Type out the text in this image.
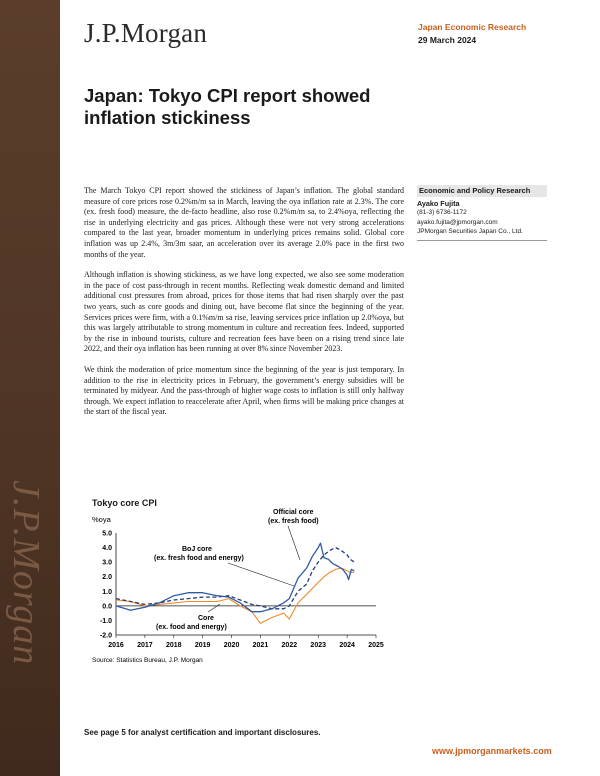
J.P.Morgan
J.P.Morgan	Japan Economic Research
29 March 2024
Japan: Tokyo CPI report showed inflation stickiness
Economic and Policy Research
Ayako Fujita
(81-3) 6736-1172
ayako.fujita@jpmorgan.com
JPMorgan Securities Japan Co., Ltd.

The March Tokyo CPI report showed the stickiness of Japan’s inflation. The global standard measure of core prices rose 0.2%m/m sa in March, leaving the oya inflation rate at 2.3%. The core (ex. fresh food) measure, the de-facto headline, also rose 0.2%m/m sa, to 2.4%oya, reflecting the rise in underlying electricity and gas prices. Although these were not very strong accelerations compared to the last year, broader momentum in underlying prices remains solid. Global core inflation was up 2.4%, 3m/3m saar, an acceleration over its average 2.0% pace in the first two months of the year.

Although inflation is showing stickiness, as we have long expected, we also see some moderation in the pace of cost pass-through in recent months. Reflecting weak domestic demand and limited additional cost pressures from abroad, prices for those items that had risen sharply over the past two years, such as core goods and dining out, have become flat since the beginning of the year. Services prices were firm, with a 0.1%m/m sa rise, leaving services price inflation up 2.0%oya, but this was largely attributable to strong momentum in culture and recreation fees. Indeed, supported by the rise in inbound tourists, culture and recreation fees have been on a rising trend since late 2022, and their oya inflation has been running at over 8% since November 2023.

We think the moderation of price momentum since the beginning of the year is just temporary. In addition to the rise in electricity prices in February, the government’s energy subsidies will be terminated by midyear. And the pass-through of higher wage costs to inflation is still only halfway through. We expect inflation to reaccelerate after April, when firms will be making price changes at the start of the fiscal year.

Tokyo core CPI
%oya
5.0
4.0
3.0
2.0
1.0
0.0
-1.0
-2.0
2016 2017 2018 2019 2020 2021 2022 2023 2024 2025
Official core
(ex. fresh food)
BoJ core
(ex. fresh food and energy)
Core
(ex. food and energy)
Source: Statistics Bureau, J.P. Morgan
See page 5 for analyst certification and important disclosures.
www.jpmorganmarkets.com
